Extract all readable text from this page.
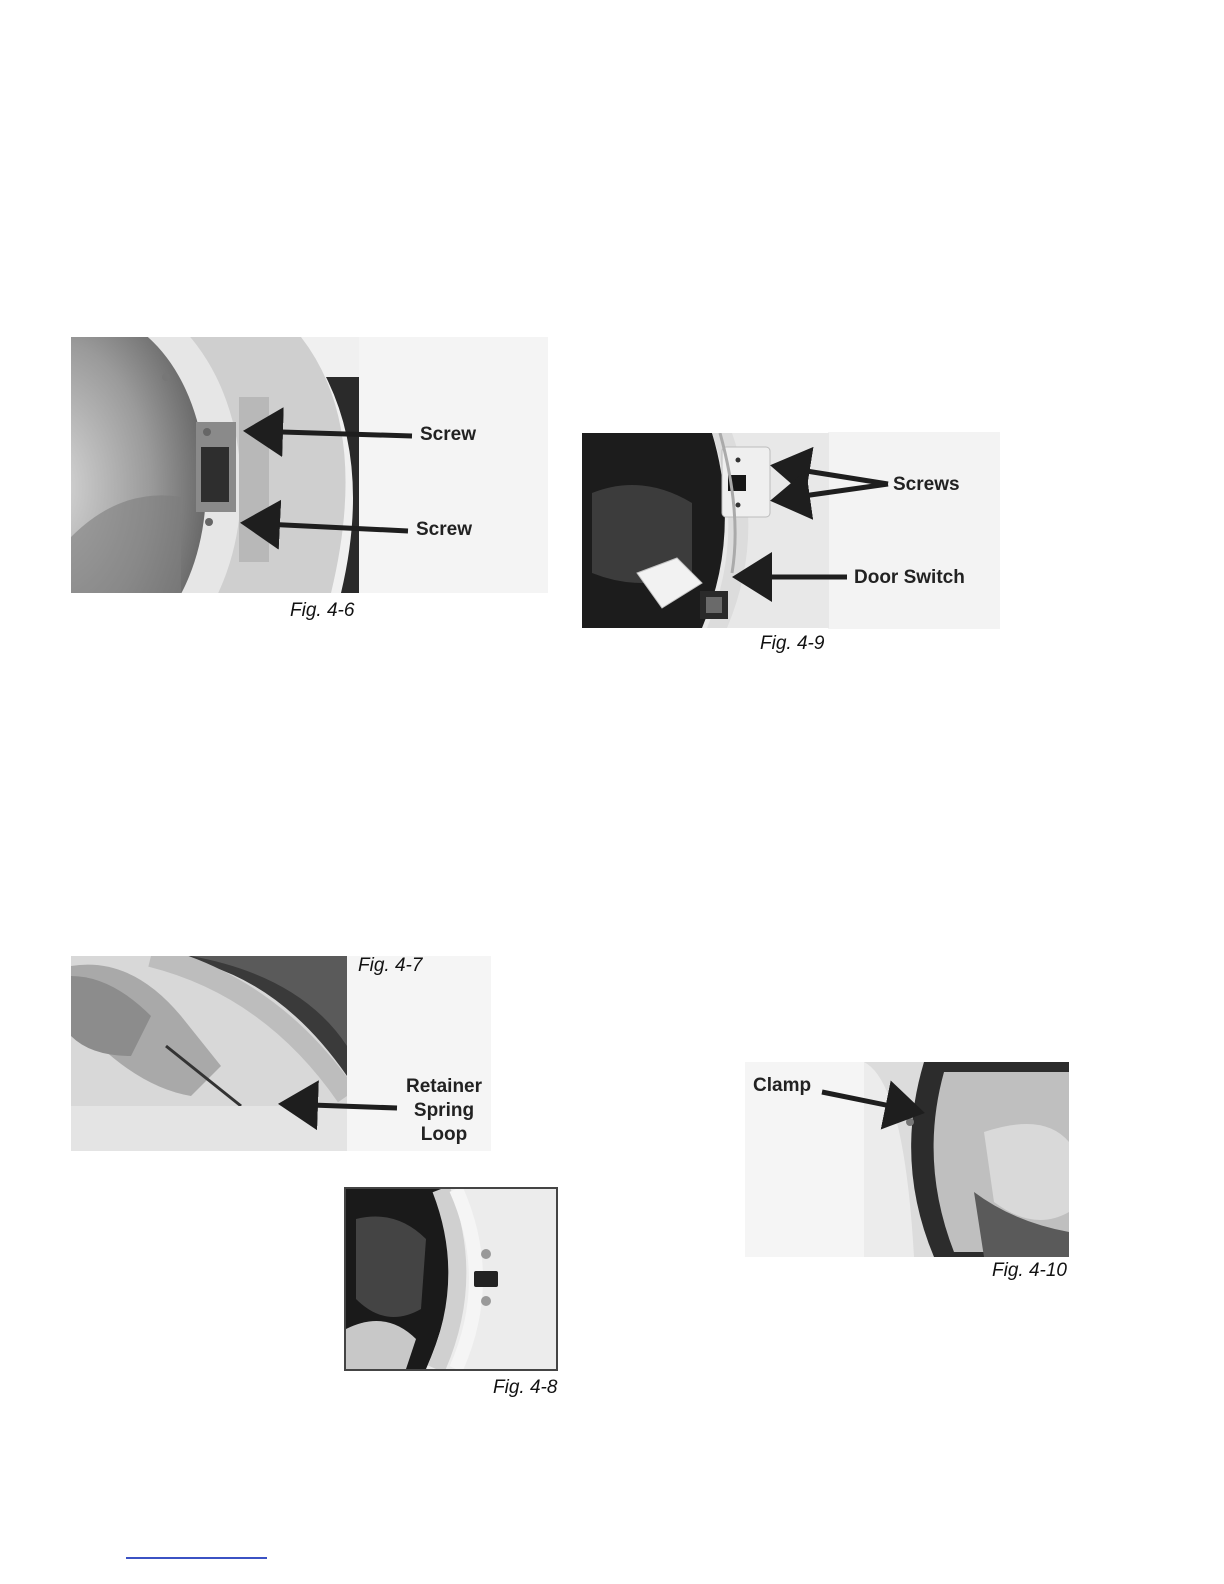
Screw
Screw
Fig. 4-6
Screws
Door Switch
Fig. 4-9
Fig. 4-7
Retainer
Spring
Loop
Fig. 4-8
Clamp
Fig. 4-10
